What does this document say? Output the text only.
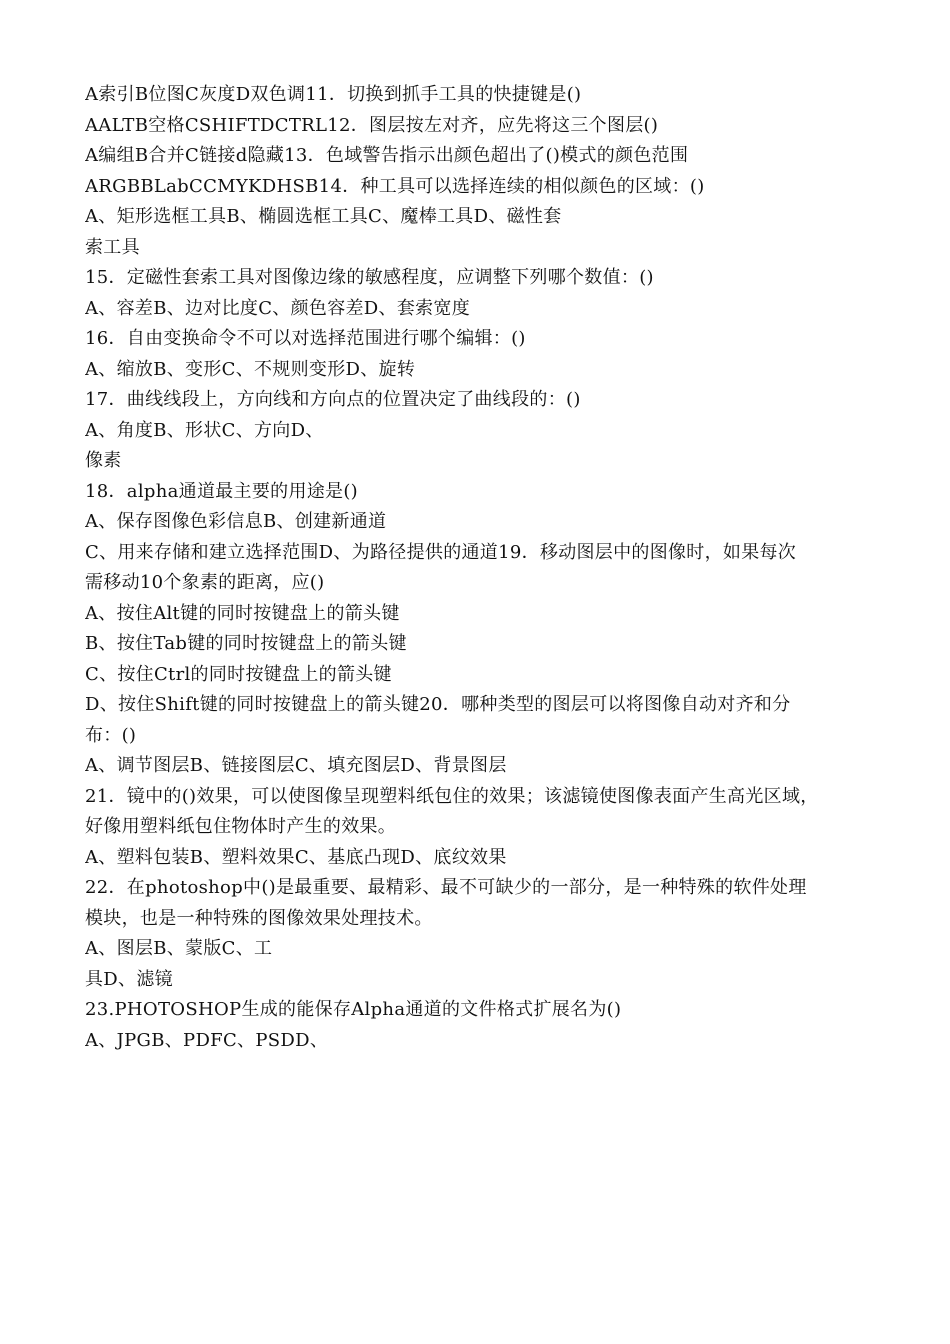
A索引B位图C灰度D双色调11．切换到抓手工具的快捷键是()
AALTB空格CSHIFTDCTRL12．图层按左对齐，应先将这三个图层()
A编组B合并C链接d隐藏13．色域警告指示出颜色超出了()模式的颜色范围
ARGBBLabCCMYKDHSB14．种工具可以选择连续的相似颜色的区域：()
A、矩形选框工具B、椭圆选框工具C、魔棒工具D、磁性套
索工具
15．定磁性套索工具对图像边缘的敏感程度，应调整下列哪个数值：()
A、容差B、边对比度C、颜色容差D、套索宽度
16．自由变换命令不可以对选择范围进行哪个编辑：()
A、缩放B、变形C、不规则变形D、旋转
17．曲线线段上，方向线和方向点的位置决定了曲线段的：()
A、角度B、形状C、方向D、
像素
18．alpha通道最主要的用途是()
A、保存图像色彩信息B、创建新通道
C、用来存储和建立选择范围D、为路径提供的通道19．移动图层中的图像时，如果每次
需移动10个象素的距离，应()
A、按住Alt键的同时按键盘上的箭头键
B、按住Tab键的同时按键盘上的箭头键
C、按住Ctrl的同时按键盘上的箭头键
D、按住Shift键的同时按键盘上的箭头键20．哪种类型的图层可以将图像自动对齐和分
布：()
A、调节图层B、链接图层C、填充图层D、背景图层
21．镜中的()效果，可以使图像呈现塑料纸包住的效果；该滤镜使图像表面产生高光区域，
好像用塑料纸包住物体时产生的效果。
A、塑料包装B、塑料效果C、基底凸现D、底纹效果
22．在photoshop中()是最重要、最精彩、最不可缺少的一部分，是一种特殊的软件处理
模块，也是一种特殊的图像效果处理技术。
A、图层B、蒙版C、工
具D、滤镜
23.PHOTOSHOP生成的能保存Alpha通道的文件格式扩展名为()
A、JPGB、PDFC、PSDD、
